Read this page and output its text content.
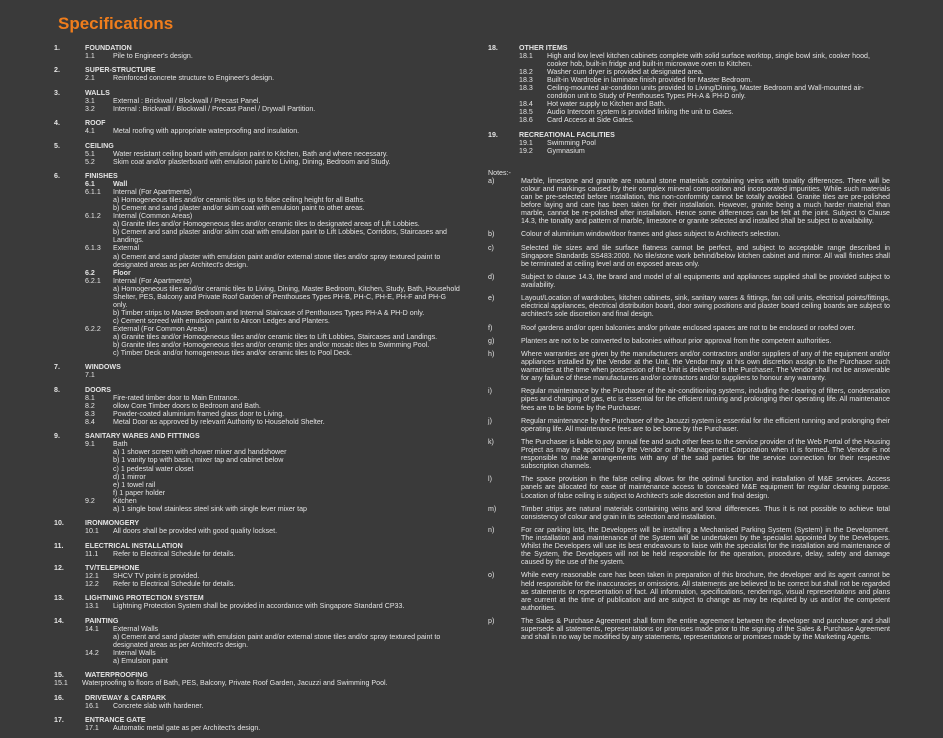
Specifications
1.	FOUNDATION
1.1	Pile to Engineer's design.
2.	SUPER-STRUCTURE
2.1	Reinforced concrete structure to Engineer's design.
3.	WALLS
3.1	External : Brickwall / Blockwall / Precast Panel.
3.2	Internal : Brickwall / Blockwall / Precast Panel / Drywall Partition.
4.	ROOF
4.1	Metal roofing with appropriate waterproofing and insulation.
5.	CEILING
5.1	Water resistant ceiling board with emulsion paint to Kitchen, Bath and where necessary.
5.2	Skim coat and/or plasterboard with emulsion paint to Living, Dining, Bedroom and Study.
6.	FINISHES
6.1	Wall
6.1.1	Internal (For Apartments)
a) Homogeneous tiles and/or ceramic tiles up to false ceiling height for all Baths.
b) Cement and sand plaster and/or skim coat with emulsion paint to other areas.
6.1.2	Internal (Common Areas)
a) Granite tiles and/or Homogeneous tiles and/or ceramic tiles to designated areas of Lift Lobbies.
b) Cement and sand plaster and/or skim coat with emulsion paint to Lift Lobbies, Corridors, Staircases and Landings.
6.1.3	External
a) Cement and sand plaster with emulsion paint and/or external stone tiles and/or spray textured paint to designated areas as per Architect's design.
6.2	Floor
6.2.1	Internal (For Apartments)
a) Homogeneous tiles and/or ceramic tiles to Living, Dining, Master Bedroom, Kitchen, Study, Bath, Household Shelter, PES, Balcony and Private Roof Garden of Penthouses Types PH-B, PH-C, PH-E, PH-F and PH-G only.
b) Timber strips to Master Bedroom and Internal Staircase of Penthouses Types PH-A & PH-D only.
c) Cement screed with emulsion paint to Aircon Ledges and Planters.
6.2.2	External (For Common Areas)
a) Granite tiles and/or Homogeneous tiles and/or ceramic tiles to Lift Lobbies, Staircases and Landings.
b) Granite tiles and/or Homogeneous tiles and/or ceramic tiles and/or mosaic tiles to Swimming Pool.
c) Timber Deck and/or homogeneous tiles and/or ceramic tiles to Pool Deck.
7.	WINDOWS
7.1
8.	DOORS
8.1	Fire-rated timber door to Main Entrance.
8.2	ollow Core Timber doors to Bedroom and Bath.
8.3	Powder-coated aluminium framed glass door to Living.
8.4	Metal Door as approved by relevant Authority to Household Shelter.
9.	SANITARY WARES AND FITTINGS
9.1	Bath
a) 1 shower screen with shower mixer and handshower
b) 1 vanity top with basin, mixer tap and cabinet below
c) 1 pedestal water closet
d) 1 mirror
e) 1 towel rail
f) 1 paper holder
9.2	Kitchen
a) 1 single bowl stainless steel sink with single lever mixer tap
10.	IRONMONGERY
10.1	All doors shall be provided with good quality lockset.
11.	ELECTRICAL INSTALLATION
11.1	Refer to Electrical Schedule for details.
12.	TV/TELEPHONE
12.1	SHCV TV point is provided.
12.2	Refer to Electrical Schedule for details.
13.	LIGHTNING PROTECTION SYSTEM
13.1	Lightning Protection System shall be provided in accordance with Singapore Standard CP33.
14.	PAINTING
14.1	External Walls
a) Cement and sand plaster with emulsion paint and/or external stone tiles and/or spray textured paint to designated areas as per Architect's design.
14.2	Internal Walls
a) Emulsion paint
15.	WATERPROOFING
15.1	Waterproofing to floors of Bath, PES, Balcony, Private Roof Garden, Jacuzzi and Swimming Pool.
16.	DRIVEWAY & CARPARK
16.1	Concrete slab with hardener.
17.	ENTRANCE GATE
17.1	Automatic metal gate as per Architect's design.
18.	OTHER ITEMS
18.1	High and low level kitchen cabinets complete with solid surface worktop, single bowl sink, cooker hood, cooker hob, built-in fridge and built-in microwave oven to Kitchen.
18.2	Washer cum dryer is provided at designated area.
18.3	Built-in Wardrobe in laminate finish provided for Master Bedroom.
18.3	Ceiling-mounted air-condition units provided to Living/Dining, Master Bedroom and Wall-mounted air-condition unit to Study of Penthouses Types PH-A & PH-D only.
18.4	Hot water supply to Kitchen and Bath.
18.5	Audio Intercom system is provided linking the unit to Gates.
18.6	Card Access at Side Gates.
19.	RECREATIONAL FACILITIES
19.1	Swimming Pool
19.2	Gymnasium
Notes:-
a)	Marble, limestone and granite are natural stone materials containing veins with tonality differences. There will be colour and markings caused by their complex mineral composition and incorporated impurities. While such materials can be pre-selected before installation, this non-conformity cannot be totally avoided. Granite tiles are pre-polished before laying and care has been taken for their installation. However, granite being a much harder material than marble, cannot be re-polished after installation. Hence some differences can be felt at the joint. Subject to Clause 14.3, the tonality and pattern of marble, limestone or granite selected and installed shall be subject to availability.
b)	Colour of aluminium window/door frames and glass subject to Architect's selection.
c)	Selected tile sizes and tile surface flatness cannot be perfect, and subject to acceptable range described in Singapore Standards SS483:2000. No tile/stone work behind/below kitchen cabinet and mirror. All wall finishes shall be terminated at ceiling level and on exposed areas only.
d)	Subject to clause 14.3, the brand and model of all equipments and appliances supplied shall be provided subject to availability.
e)	Layout/Location of wardrobes, kitchen cabinets, sink, sanitary wares & fittings, fan coil units, electrical points/fittings, electrical appliances, electrical distribution board, door swing positions and plaster board ceiling boards are subject to architect's sole discretion and final design.
f)	Roof gardens and/or open balconies and/or private enclosed spaces are not to be enclosed or roofed over.
g)	Planters are not to be converted to balconies without prior approval from the competent authorities.
h)	Where warranties are given by the manufacturers and/or contractors and/or suppliers of any of the equipment and/or appliances installed by the Vendor at the Unit, the Vendor may at his own discretion assign to the Purchaser such warranties at the time when possession of the Unit is delivered to the Purchaser. The Vendor shall not be answerable for any failure of these manufacturers and/or contractors and/or suppliers to honour any warranty.
i)	Regular maintenance by the Purchaser of the air-conditioning systems, including the clearing of filters, condensation pipes and charging of gas, etc is essential for the efficient running and prolonging their operating life. All maintenance fees are to be borne by the Purchaser.
j)	Regular maintenance by the Purchaser of the Jacuzzi system is essential for the efficient running and prolonging their operating life. All maintenance fees are to be borne by the Purchaser.
k)	The Purchaser is liable to pay annual fee and such other fees to the service provider of the Web Portal of the Housing Project as may be appointed by the Vendor or the Management Corporation when it is formed. The Vendor is not responsible to make arrangements with any of the said parties for the service connection for their respective subscription channels.
l)	The space provision in the false ceiling allows for the optimal function and installation of M&E services. Access panels are allocated for ease of maintenance access to concealed M&E equipment for regular cleaning purpose. Location of false ceiling is subject to Architect's sole discretion and final design.
m)	Timber strips are natural materials containing veins and tonal differences. Thus it is not possible to achieve total consistency of colour and grain in its selection and installation.
n)	For car parking lots, the Developers will be installing a Mechanised Parking System (System) in the Development. The installation and maintenance of the System will be undertaken by the specialist appointed by the Developers. Whilst the Developers will use its best endeavours to liaise with the specialist for the installation and maintenance of the System, the Developers will not be held responsible for the operation, procedure, delay, safety and damage caused by the use of the system.
o)	While every reasonable care has been taken in preparation of this brochure, the developer and its agent cannot be held responsible for the inaccuracies or omissions. All statements are believed to be correct but shall not be regarded as statements or representation of fact. All information, specifications, renderings, visual representations and plans are current at the time of publication and are subject to change as may be required by us and/or the competent authorities.
p)	The Sales & Purchase Agreement shall form the entire agreement between the developer and purchaser and shall supersede all statements, representations or promises made prior to the signing of the Sales & Purchase Agreement and shall in no way be modified by any statements, representations or promises made by the Marketing Agents.
